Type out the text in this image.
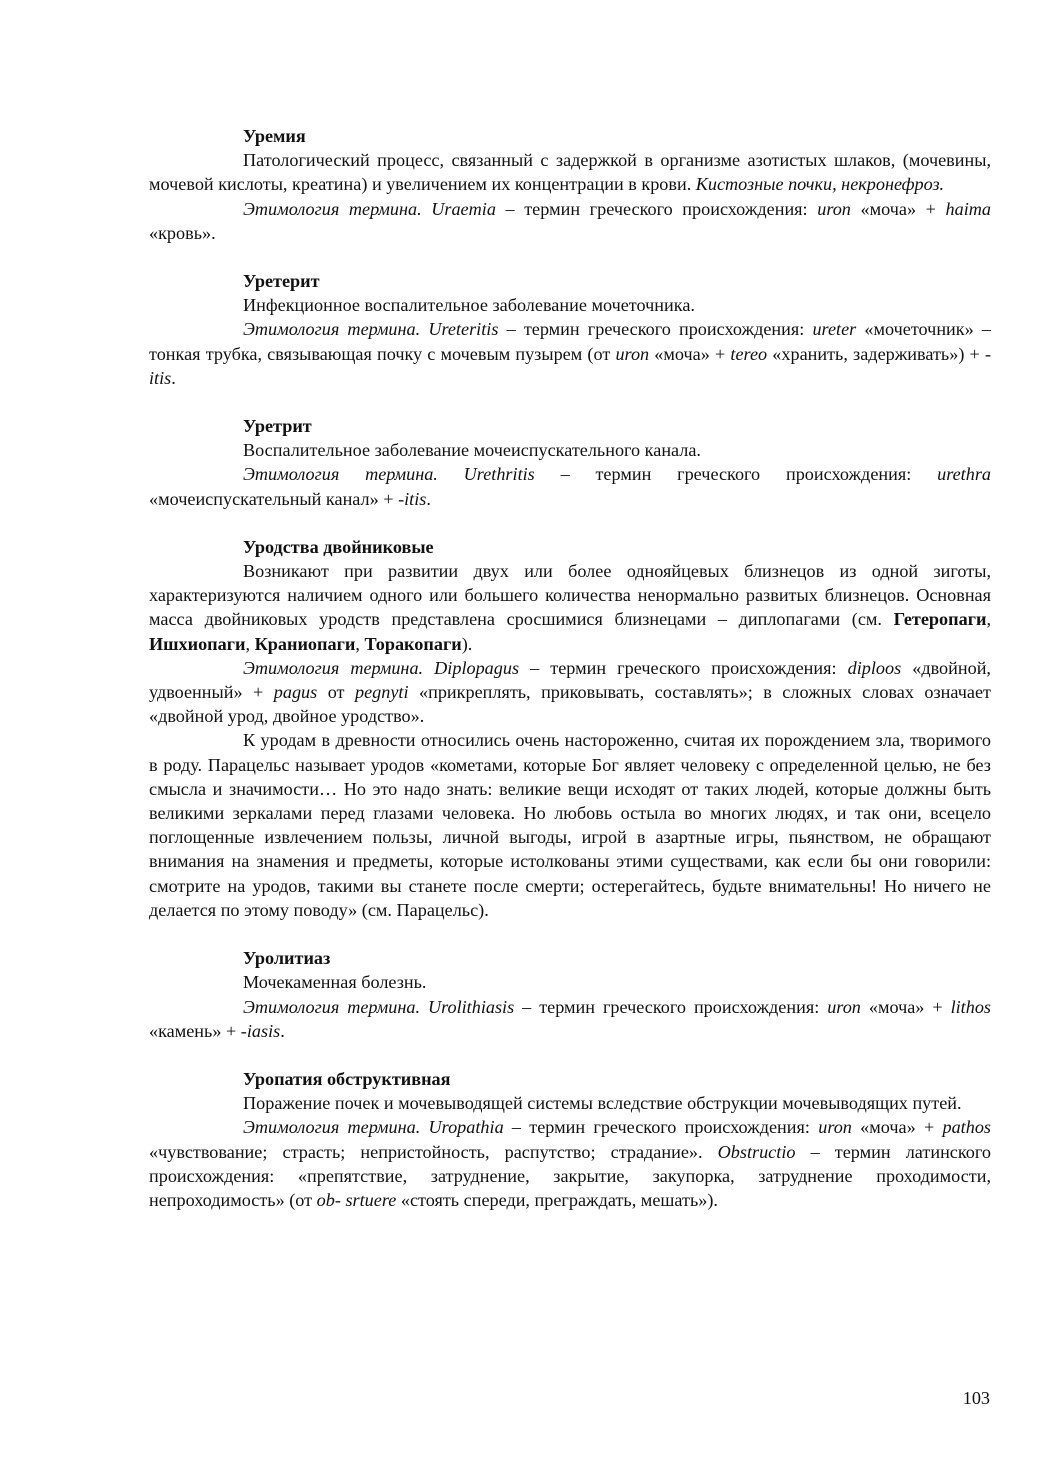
Уремия

Патологический процесс, связанный с задержкой в организме азотистых шлаков, (мочевины, мочевой кислоты, креатина) и увеличением их концентрации в крови. Кистозные почки, некронефроз.

Этимология термина. Uraemia – термин греческого происхождения: uron «моча» + haima «кровь».

Уретерит

Инфекционное воспалительное заболевание мочеточника.

Этимология термина. Ureteritis – термин греческого происхождения: ureter «мочеточник» – тонкая трубка, связывающая почку с мочевым пузырем (от uron «моча» + tereo «хранить, задерживать») + -itis.

Уретрит

Воспалительное заболевание мочеиспускательного канала.

Этимология термина. Urethritis – термин греческого происхождения: urethra «мочеиспускательный канал» + -itis.

Уродства двойниковые

Возникают при развитии двух или более однояйцевых близнецов из одной зиготы, характеризуются наличием одного или большего количества ненормально развитых близнецов. Основная масса двойниковых уродств представлена сросшимися близнецами – диплопагами (см. Гетеропаги, Ишхиопаги, Краниопаги, Торакопаги).

Этимология термина. Diplopagus – термин греческого происхождения: diploos «двойной, удвоенный» + pagus от pegnyti «прикреплять, приковывать, составлять»; в сложных словах означает «двойной урод, двойное уродство».

К уродам в древности относились очень настороженно, считая их порождением зла, творимого в роду. Парацельс называет уродов «кометами, которые Бог являет человеку с определенной целью, не без смысла и значимости… Но это надо знать: великие вещи исходят от таких людей, которые должны быть великими зеркалами перед глазами человека. Но любовь остыла во многих людях, и так они, всецело поглощенные извлечением пользы, личной выгоды, игрой в азартные игры, пьянством, не обращают внимания на знамения и предметы, которые истолкованы этими существами, как если бы они говорили: смотрите на уродов, такими вы станете после смерти; остерегайтесь, будьте внимательны! Но ничего не делается по этому поводу» (см. Парацельс).

Уролитиаз

Мочекаменная болезнь.

Этимология термина. Urolithiasis – термин греческого происхождения: uron «моча» + lithos «камень» + -iasis.

Уропатия обструктивная

Поражение почек и мочевыводящей системы вследствие обструкции мочевыводящих путей.

Этимология термина. Uropathia – термин греческого происхождения: uron «моча» + pathos «чувствование; страсть; непристойность, распутство; страдание». Obstructio – термин латинского происхождения: «препятствие, затруднение, закрытие, закупорка, затруднение проходимости, непроходимость» (от ob- srtuere «стоять спереди, преграждать, мешать»).

103
